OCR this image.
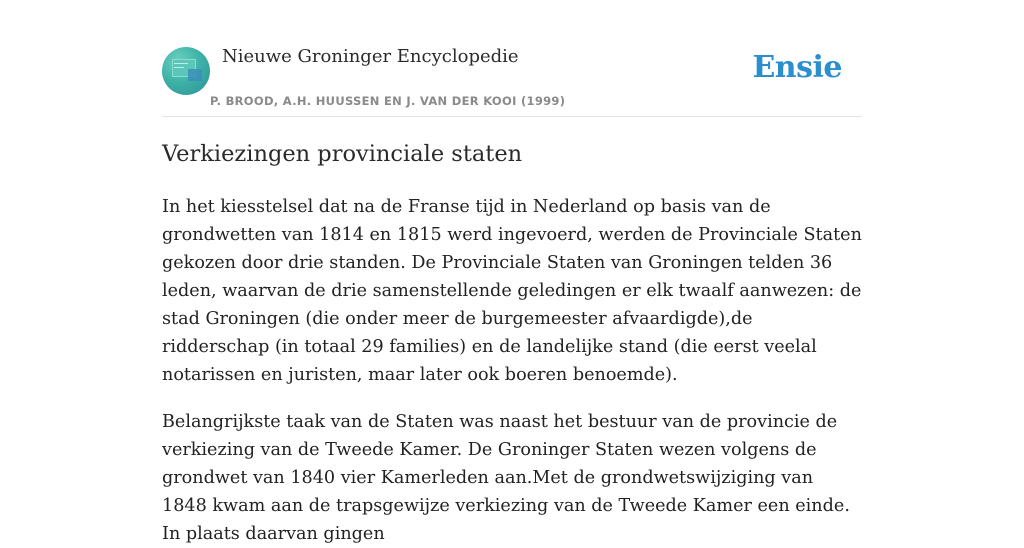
Nieuwe Groninger Encyclopedie
P. BROOD, A.H. HUUSSEN EN J. VAN DER KOOI (1999)
Ensie
Verkiezingen provinciale staten

In het kiesstelsel dat na de Franse tijd in Nederland op basis van de grondwetten van 1814 en 1815 werd ingevoerd, werden de Provinciale Staten gekozen door drie standen. De Provinciale Staten van Groningen telden 36 leden, waarvan de drie samenstellende geledingen er elk twaalf aanwezen: de stad Groningen (die onder meer de burgemeester afvaardigde),de ridderschap (in totaal 29 families) en de landelijke stand (die eerst veelal notarissen en juristen, maar later ook boeren benoemde).

Belangrijkste taak van de Staten was naast het bestuur van de provincie de verkiezing van de Tweede Kamer. De Groninger Staten wezen volgens de grondwet van 1840 vier Kamerleden aan.Met de grondwetswijziging van 1848 kwam aan de trapsgewijze verkiezing van de Tweede Kamer een einde. In plaats daarvan gingen
